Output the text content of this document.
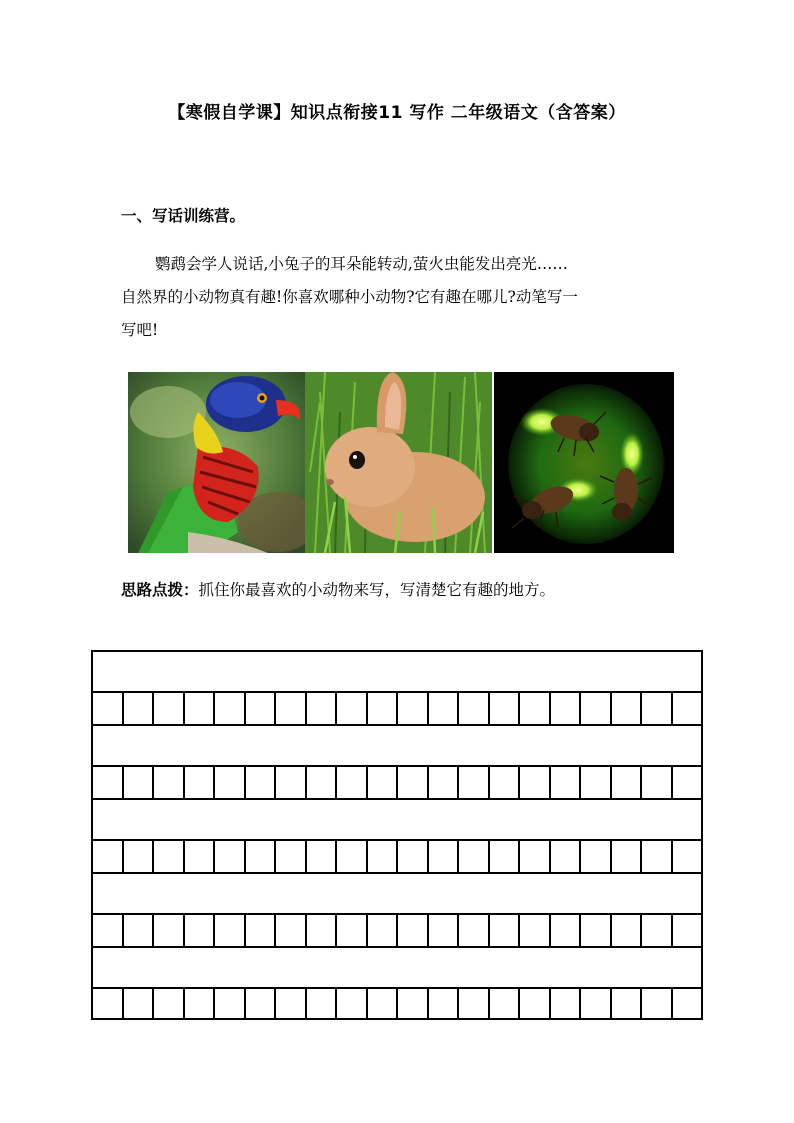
【寒假自学课】知识点衔接11 写作 二年级语文（含答案）
一、写话训练营。

鹦鹉会学人说话,小兔子的耳朵能转动,萤火虫能发出亮光……
自然界的小动物真有趣!你喜欢哪种小动物?它有趣在哪儿?动笔写一
写吧!

思路点拨：抓住你最喜欢的小动物来写，写清楚它有趣的地方。
